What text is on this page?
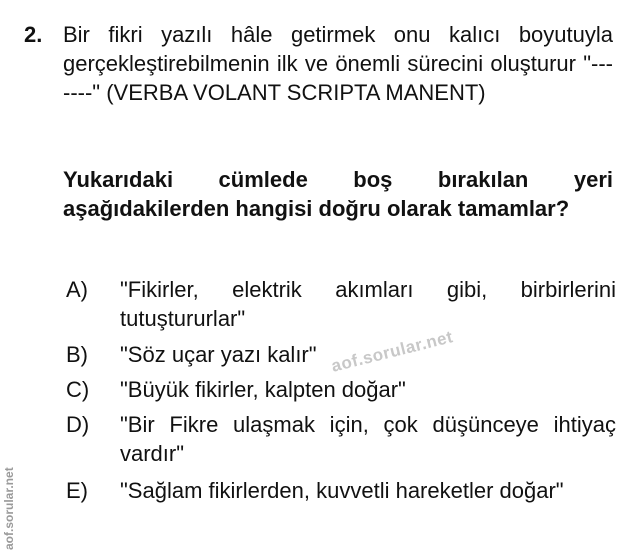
2. Bir fikri yazılı hâle getirmek onu kalıcı boyutuyla gerçekleştirebilmenin ilk ve önemli sürecini oluşturur "-------" (VERBA VOLANT SCRIPTA MANENT)
Yukarıdaki cümlede boş bırakılan yeri aşağıdakilerden hangisi doğru olarak tamamlar?
A) "Fikirler, elektrik akımları gibi, birbirlerini tutuştururlar"
B) "Söz uçar yazı kalır"
C) "Büyük fikirler, kalpten doğar"
D) "Bir Fikre ulaşmak için, çok düşünceye ihtiyaç vardır"
E) "Sağlam fikirlerden, kuvvetli hareketler doğar"
aof.sorular.net
aof.sorular.net
